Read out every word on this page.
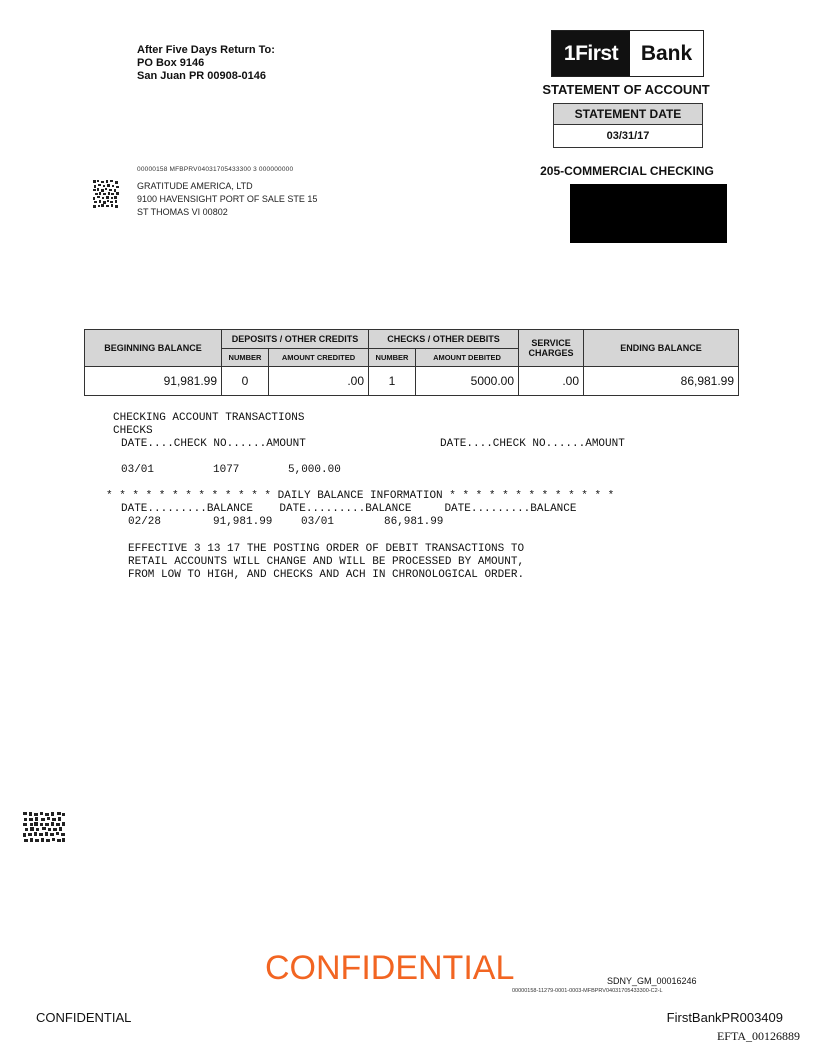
After Five Days Return To:
PO Box 9146
San Juan PR 00908-0146
1First	Bank
STATEMENT OF ACCOUNT
STATEMENT DATE
03/31/17
205-COMMERCIAL CHECKING
00000158 MFBPRV04031705433300 3 000000000
GRATITUDE AMERICA, LTD
9100 HAVENSIGHT PORT OF SALE STE 15
ST THOMAS VI 00802
BEGINNING BALANCE	DEPOSITS / OTHER CREDITS		CHECKS / OTHER DEBITS		SERVICE CHARGES	ENDING BALANCE
	NUMBER	AMOUNT CREDITED	NUMBER	AMOUNT DEBITED		
91,981.99	0	.00	1	5000.00	.00	86,981.99
CHECKING ACCOUNT TRANSACTIONS
CHECKS
DATE....CHECK NO......AMOUNT	DATE....CHECK NO......AMOUNT
03/01	1077	5,000.00
* * * * * * * * * * * * * DAILY BALANCE INFORMATION * * * * * * * * * * * * *
DATE.........BALANCE    DATE.........BALANCE     DATE.........BALANCE
02/28	91,981.99	03/01	86,981.99
EFFECTIVE 3 13 17 THE POSTING ORDER OF DEBIT TRANSACTIONS TO
RETAIL ACCOUNTS WILL CHANGE AND WILL BE PROCESSED BY AMOUNT,
FROM LOW TO HIGH, AND CHECKS AND ACH IN CHRONOLOGICAL ORDER.
CONFIDENTIAL	SDNY_GM_00016246
00000158-11279-0001-0003-MFBPRV04031705433300-C2-L
CONFIDENTIAL	FirstBankPR003409
EFTA_00126889
